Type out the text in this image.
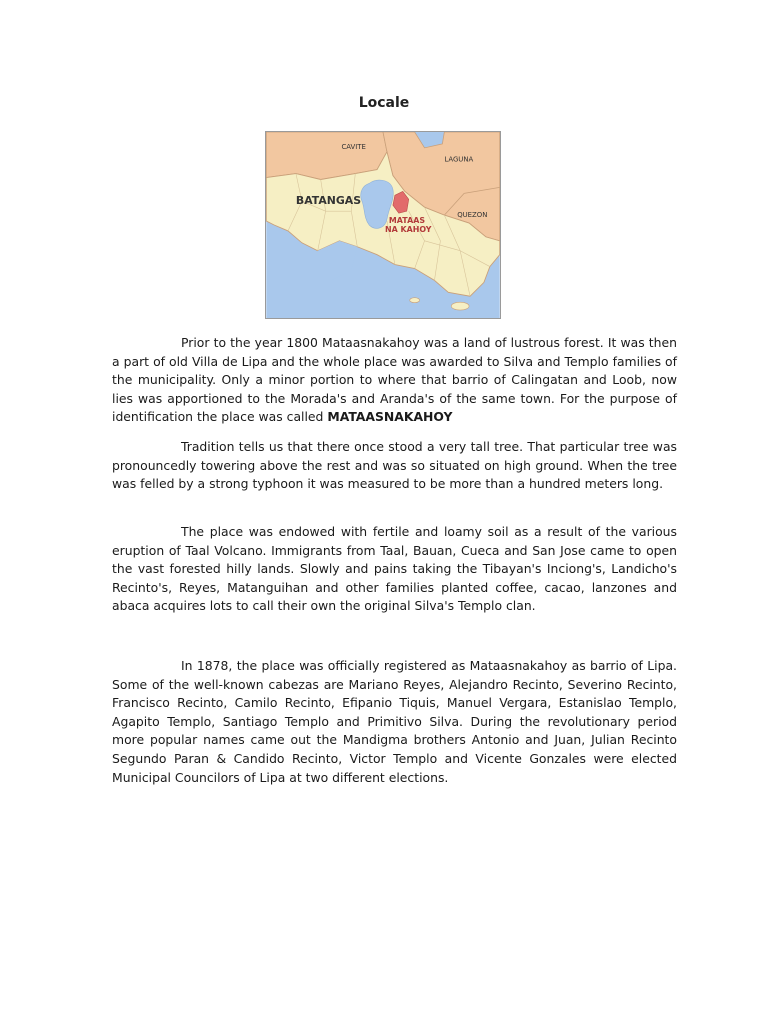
Locale
CAVITE
LAGUNA
BATANGAS
QUEZON
MATAAS
NA KAHOY

Prior to the year 1800 Mataasnakahoy was a land of lustrous forest. It was then a part of old Villa de Lipa and the whole place was awarded to Silva and Templo families of the municipality. Only a minor portion to where that barrio of Calingatan and Loob, now lies was apportioned to the Morada's and Aranda's of the same town. For the purpose of identification the place was called MATAASNAKAHOY

Tradition tells us that there once stood a very tall tree. That particular tree was pronouncedly towering above the rest and was so situated on high ground. When the tree was felled by a strong typhoon it was measured to be more than a hundred meters long.

The place was endowed with fertile and loamy soil as a result of the various eruption of Taal Volcano. Immigrants from Taal, Bauan, Cueca and San Jose came to open the vast forested hilly lands. Slowly and pains taking the Tibayan's Inciong's, Landicho's Recinto's, Reyes, Matanguihan and other families planted coffee, cacao, lanzones and abaca acquires lots to call their own the original Silva's Templo clan.

In 1878, the place was officially registered as Mataasnakahoy as barrio of Lipa. Some of the well-known cabezas are Mariano Reyes, Alejandro Recinto, Severino Recinto, Francisco Recinto, Camilo Recinto, Efipanio Tiquis, Manuel Vergara, Estanislao Templo, Agapito Templo, Santiago Templo and Primitivo Silva. During the revolutionary period more popular names came out the Mandigma brothers Antonio and Juan, Julian Recinto Segundo Paran & Candido Recinto, Victor Templo and Vicente Gonzales were elected Municipal Councilors of Lipa at two different elections.
